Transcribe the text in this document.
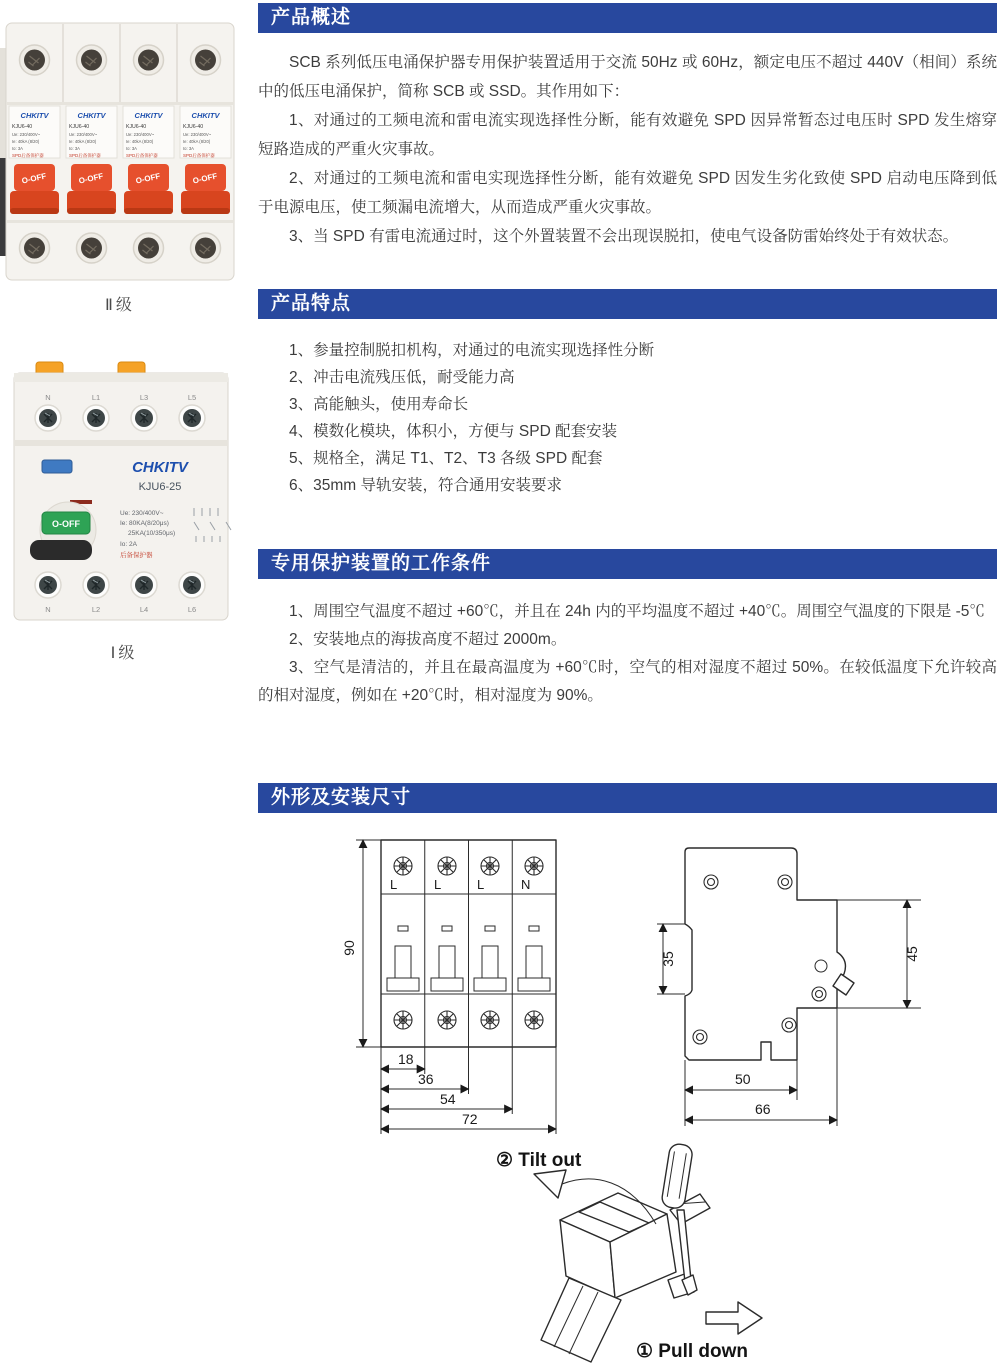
CHKITV
KJU6-40
Ue: 230/400V~
Ie: 40kA (8/20)
Io: 3A
SPD后备保护器
O-OFF
CHKITV
KJU6-40
Ue: 230/400V~
Ie: 40kA (8/20)
Io: 3A
SPD后备保护器
O-OFF
CHKITV
KJU6-40
Ue: 230/400V~
Ie: 40kA (8/20)
Io: 3A
SPD后备保护器
O-OFF
CHKITV
KJU6-40
Ue: 230/400V~
Ie: 40kA (8/20)
Io: 3A
SPD后备保护器
O-OFF
Ⅱ级
N	L1	L3	L5
CHKITV
KJU6-25
Ue: 230/400V~
Ie: 80KA(8/20μs)
25KA(10/350μs)
Io: 2A
后备保护器
O-OFF
N	L2	L4	L6
Ⅰ级
产品概述

SCB 系列低压电涌保护器专用保护装置适用于交流 50Hz 或 60Hz，额定电压不超过 440V（相间）系统中的低压电涌保护，简称 SCB 或 SSD。其作用如下：

1、对通过的工频电流和雷电流实现选择性分断，能有效避免 SPD 因异常暂态过电压时 SPD 发生熔穿短路造成的严重火灾事故。

2、对通过的工频电流和雷电实现选择性分断，能有效避免 SPD 因发生劣化致使 SPD 启动电压降到低于电源电压，使工频漏电流增大，从而造成严重火灾事故。

3、当 SPD 有雷电流通过时，这个外置装置不会出现误脱扣，使电气设备防雷始终处于有效状态。

产品特点

1、参量控制脱扣机构，对通过的电流实现选择性分断

2、冲击电流残压低，耐受能力高

3、高能触头，使用寿命长

4、模数化模块，体积小，方便与 SPD 配套安装

5、规格全，满足 T1、T2、T3 各级 SPD 配套

6、35mm 导轨安装，符合通用安装要求

专用保护装置的工作条件

1、周围空气温度不超过 +60℃，并且在 24h 内的平均温度不超过 +40℃。周围空气温度的下限是 -5℃

2、安装地点的海拔高度不超过 2000m。

3、空气是清洁的，并且在最高温度为 +60℃时，空气的相对湿度不超过 50%。在较低温度下允许较高的相对湿度，例如在 +20℃时，相对湿度为 90%。

外形及安装尺寸
L	L	L	N
90
18
36
54
72
35	45
50
66
② Tilt out
① Pull down
